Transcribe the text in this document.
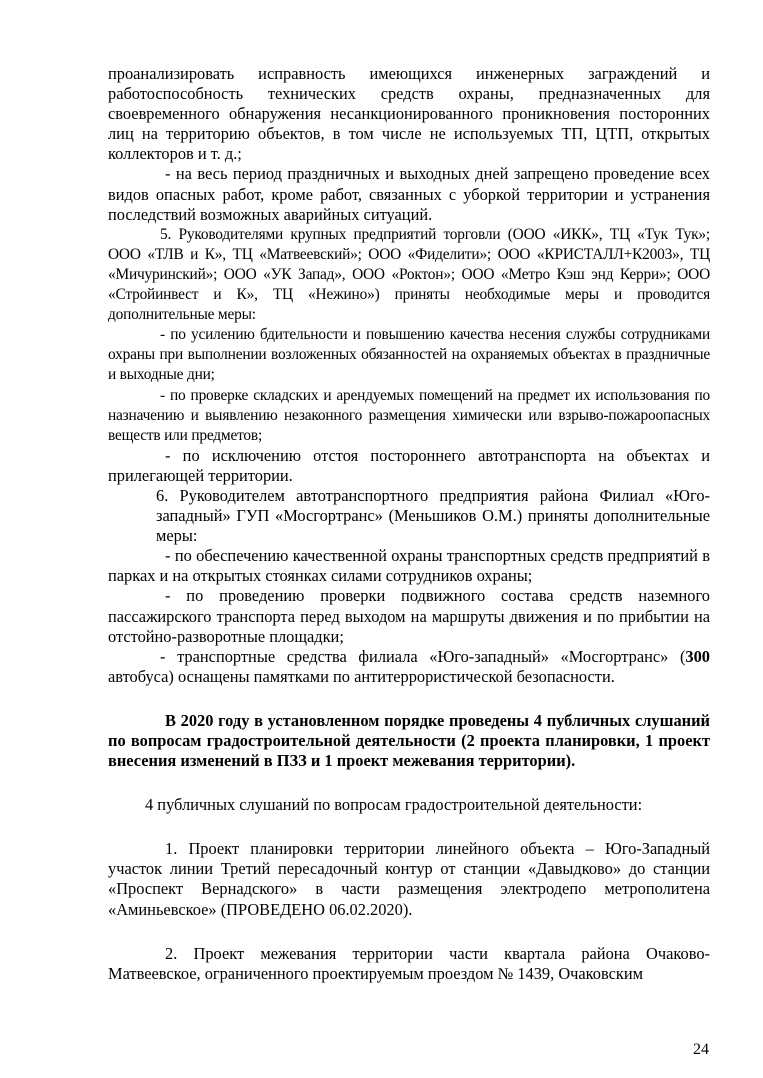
проанализировать исправность имеющихся инженерных заграждений и работоспособность технических средств охраны, предназначенных для своевременного обнаружения несанкционированного проникновения посторонних лиц на территорию объектов, в том числе не используемых ТП, ЦТП, открытых коллекторов и т. д.;

- на весь период праздничных и выходных дней запрещено проведение всех видов опасных работ, кроме работ, связанных с уборкой территории и устранения последствий возможных аварийных ситуаций.

5. Руководителями крупных предприятий торговли (ООО «ИКК», ТЦ «Тук Тук»; ООО «ТЛВ и К», ТЦ «Матвеевский»; ООО «Фиделити»; ООО «КРИСТАЛЛ+К2003», ТЦ «Мичуринский»; ООО «УК Запад», ООО «Роктон»; ООО «Метро Кэш энд Керри»; ООО «Стройинвест и К», ТЦ «Нежино») приняты необходимые меры и проводится дополнительные меры:

- по усилению бдительности и повышению качества несения службы сотрудниками охраны при выполнении возложенных обязанностей на охраняемых объектах в праздничные и выходные дни;

- по проверке складских и арендуемых помещений на предмет их использования по назначению и выявлению незаконного размещения химически или взрыво-пожароопасных веществ или предметов;

- по исключению отстоя постороннего автотранспорта на объектах и прилегающей территории.

6. Руководителем автотранспортного предприятия района Филиал «Юго-западный» ГУП «Мосгортранс» (Меньшиков О.М.) приняты дополнительные меры:

- по обеспечению качественной охраны транспортных средств предприятий в парках и на открытых стоянках силами сотрудников охраны;

- по проведению проверки подвижного состава средств наземного пассажирского транспорта перед выходом на маршруты движения и по прибытии на отстойно-разворотные площадки;

- транспортные средства филиала «Юго-западный» «Мосгортранс» (300 автобуса) оснащены памятками по антитеррористической безопасности.

В 2020 году в установленном порядке проведены 4 публичных слушаний по вопросам градостроительной деятельности (2 проекта планировки, 1 проект внесения изменений в ПЗЗ и 1 проект межевания территории).

4 публичных слушаний по вопросам градостроительной деятельности:

1. Проект планировки территории линейного объекта – Юго-Западный участок линии Третий пересадочный контур от станции «Давыдково» до станции «Проспект Вернадского» в части размещения электродепо метрополитена «Аминьевское» (ПРОВЕДЕНО 06.02.2020).

2. Проект межевания территории части квартала района Очаково-Матвеевское, ограниченного проектируемым проездом № 1439, Очаковским

24
